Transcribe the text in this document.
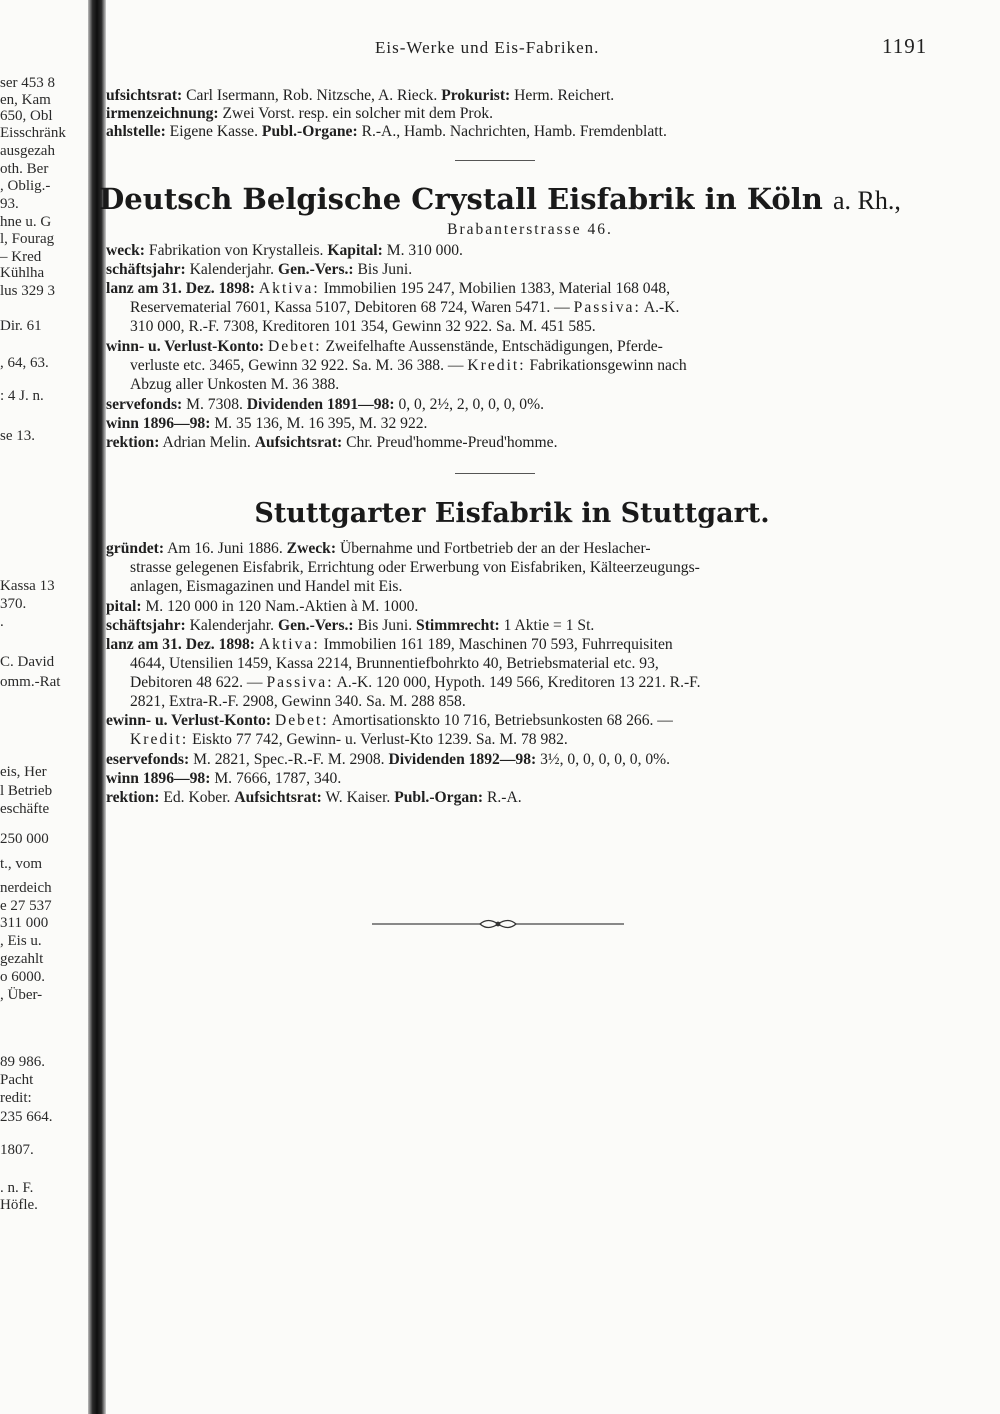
ser 453 8
en, Kam
650, Obl
Eisschränk
ausgezah
oth. Ber
, Oblig.-
93.
hne u. G
l, Fourag
– Kred
Kühlha
lus 329 3
Dir. 61
, 64, 63.
: 4 J. n.
se 13.
Kassa 13
370.
.
C. David
omm.-Rat
eis, Her
l Betrieb
eschäfte
250 000
t., vom
nerdeich
e 27 537
311 000
, Eis u.
gezahlt
o 6000.
, Über-
89 986.
Pacht
redit:
235 664.
1807.
. n. F.
Höfle.
Eis-Werke und Eis-Fabriken.	1191
ufsichtsrat: Carl Isermann, Rob. Nitzsche, A. Rieck. Prokurist: Herm. Reichert.
irmenzeichnung: Zwei Vorst. resp. ein solcher mit dem Prok.
ahlstelle: Eigene Kasse. Publ.-Organe: R.-A., Hamb. Nachrichten, Hamb. Fremdenblatt.
Deutsch Belgische Crystall Eisfabrik in Köln a. Rh.,
Brabanterstrasse 46.
weck: Fabrikation von Krystalleis. Kapital: M. 310 000.
schäftsjahr: Kalenderjahr. Gen.-Vers.: Bis Juni.
lanz am 31. Dez. 1898: Aktiva: Immobilien 195 247, Mobilien 1383, Material 168 048,
Reservematerial 7601, Kassa 5107, Debitoren 68 724, Waren 5471. — Passiva: A.-K.
310 000, R.-F. 7308, Kreditoren 101 354, Gewinn 32 922. Sa. M. 451 585.
winn- u. Verlust-Konto: Debet: Zweifelhafte Aussenstände, Entschädigungen, Pferde-
verluste etc. 3465, Gewinn 32 922. Sa. M. 36 388. — Kredit: Fabrikationsgewinn nach
Abzug aller Unkosten M. 36 388.
servefonds: M. 7308. Dividenden 1891—98: 0, 0, 2½, 2, 0, 0, 0, 0%.
winn 1896—98: M. 35 136, M. 16 395, M. 32 922.
rektion: Adrian Melin. Aufsichtsrat: Chr. Preud'homme-Preud'homme.
Stuttgarter Eisfabrik in Stuttgart.
gründet: Am 16. Juni 1886. Zweck: Übernahme und Fortbetrieb der an der Heslacher-
strasse gelegenen Eisfabrik, Errichtung oder Erwerbung von Eisfabriken, Kälteerzeugungs-
anlagen, Eismagazinen und Handel mit Eis.
pital: M. 120 000 in 120 Nam.-Aktien à M. 1000.
schäftsjahr: Kalenderjahr. Gen.-Vers.: Bis Juni. Stimmrecht: 1 Aktie = 1 St.
lanz am 31. Dez. 1898: Aktiva: Immobilien 161 189, Maschinen 70 593, Fuhrrequisiten
4644, Utensilien 1459, Kassa 2214, Brunnentiefbohrkto 40, Betriebsmaterial etc. 93,
Debitoren 48 622. — Passiva: A.-K. 120 000, Hypoth. 149 566, Kreditoren 13 221. R.-F.
2821, Extra-R.-F. 2908, Gewinn 340. Sa. M. 288 858.
ewinn- u. Verlust-Konto: Debet: Amortisationskto 10 716, Betriebsunkosten 68 266. —
Kredit: Eiskto 77 742, Gewinn- u. Verlust-Kto 1239. Sa. M. 78 982.
eservefonds: M. 2821, Spec.-R.-F. M. 2908. Dividenden 1892—98: 3½, 0, 0, 0, 0, 0, 0%.
winn 1896—98: M. 7666, 1787, 340.
rektion: Ed. Kober. Aufsichtsrat: W. Kaiser. Publ.-Organ: R.-A.
